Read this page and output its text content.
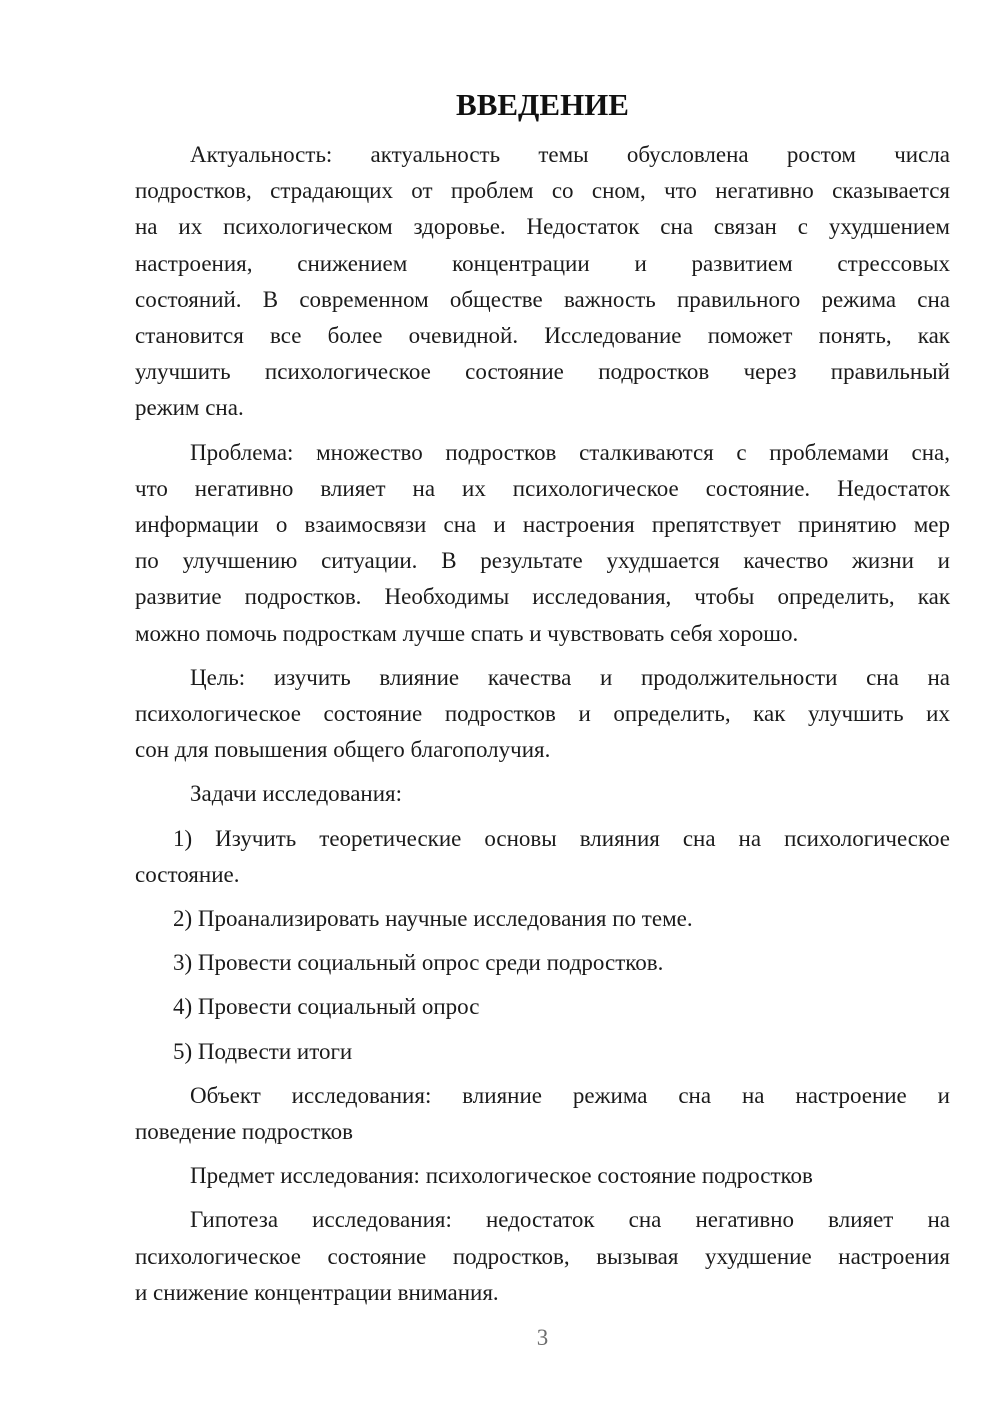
ВВЕДЕНИЕ

Актуальность: актуальность темы обусловлена ростом числа
подростков, страдающих от проблем со сном, что негативно сказывается
на их психологическом здоровье. Недостаток сна связан с ухудшением
настроения, снижением концентрации и развитием стрессовых
состояний. В современном обществе важность правильного режима сна
становится все более очевидной. Исследование поможет понять, как
улучшить психологическое состояние подростков через правильный
режим сна.

Проблема: множество подростков сталкиваются с проблемами сна,
что негативно влияет на их психологическое состояние. Недостаток
информации о взаимосвязи сна и настроения препятствует принятию мер
по улучшению ситуации. В результате ухудшается качество жизни и
развитие подростков. Необходимы исследования, чтобы определить, как
можно помочь подросткам лучше спать и чувствовать себя хорошо.

Цель: изучить влияние качества и продолжительности сна на
психологическое состояние подростков и определить, как улучшить их
сон для повышения общего благополучия.

Задачи исследования:

1) Изучить теоретические основы влияния сна на психологическое
состояние.

2) Проанализировать научные исследования по теме.

3) Провести социальный опрос среди подростков.

4) Провести социальный опрос

5) Подвести итоги

Объект исследования: влияние режима сна на настроение и
поведение подростков

Предмет исследования: психологическое состояние подростков

Гипотеза исследования: недостаток сна негативно влияет на
психологическое состояние подростков, вызывая ухудшение настроения
и снижение концентрации внимания.

3
